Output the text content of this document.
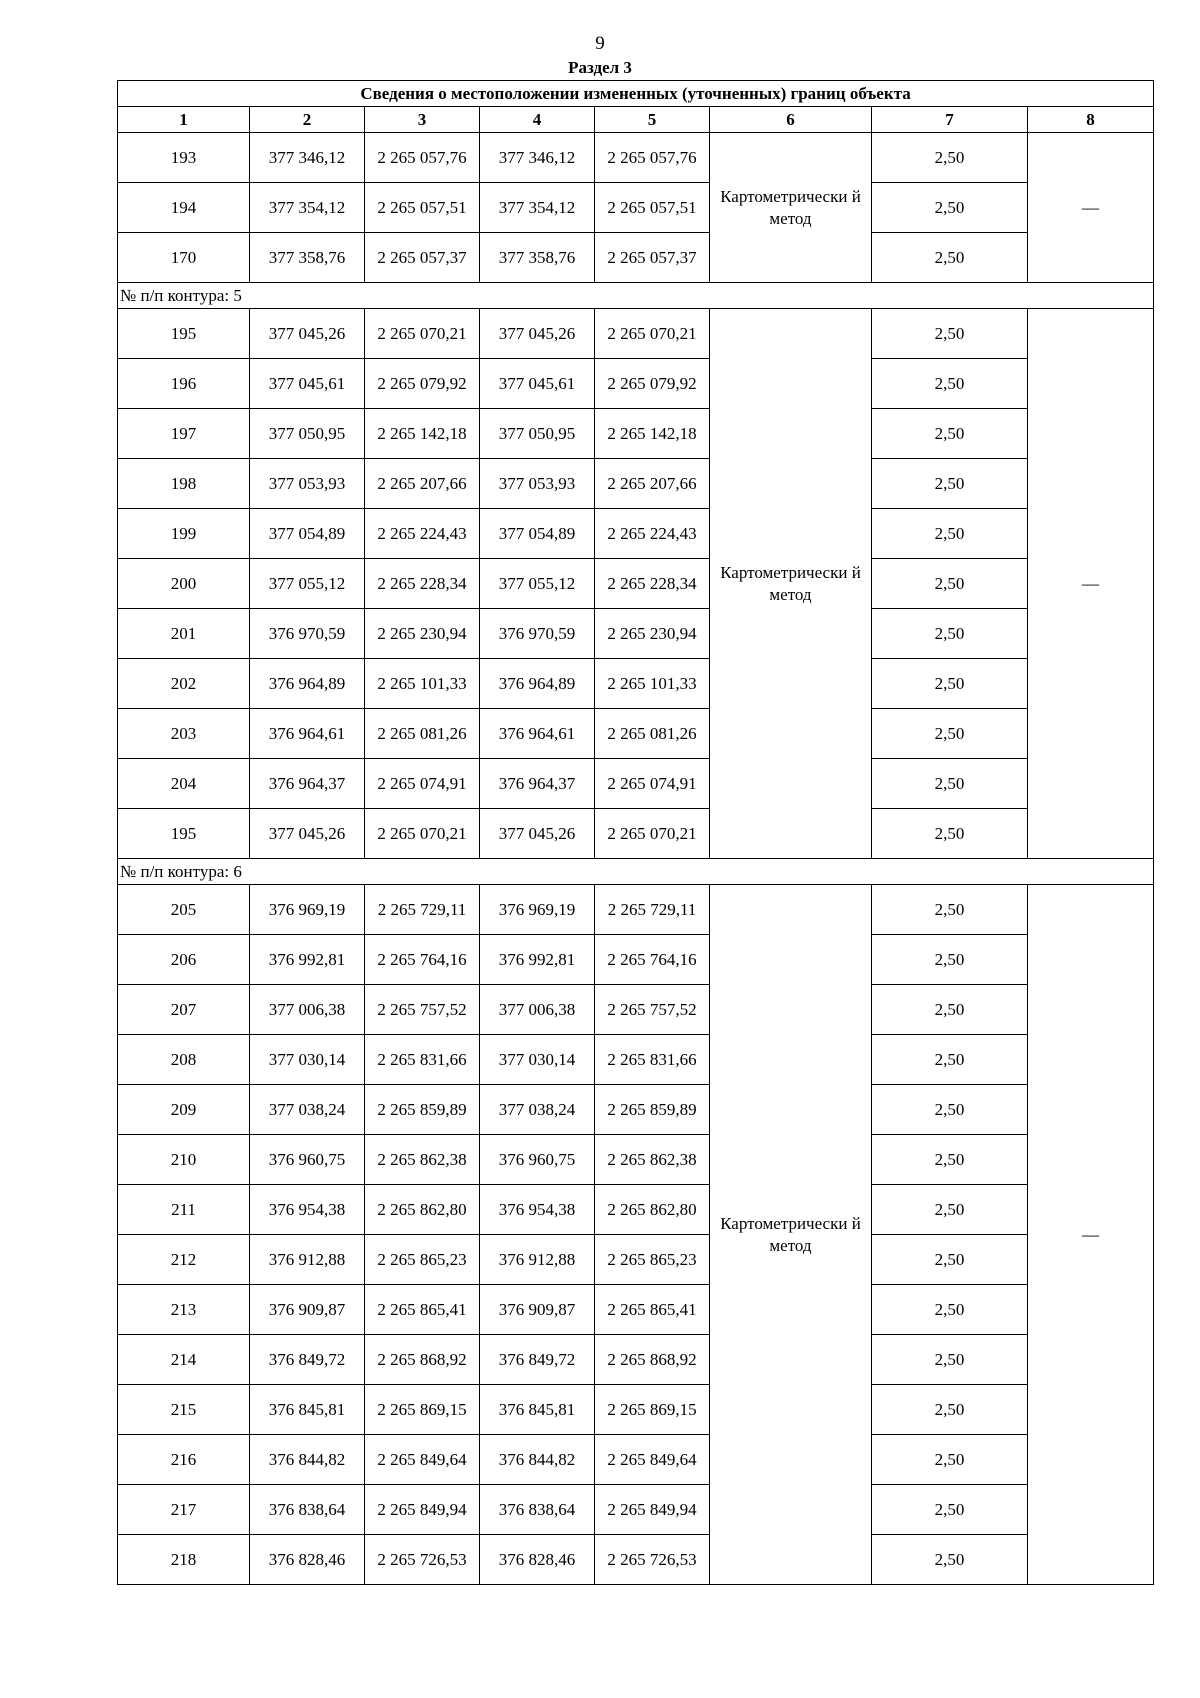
9
Раздел 3
Сведения о местоположении измененных (уточненных) границ объекта							
1	2	3	4	5	6	7	8
193	377 346,12	2 265 057,76	377 346,12	2 265 057,76	Картометрически й метод	2,50	—
194	377 354,12	2 265 057,51	377 354,12	2 265 057,51		2,50	
170	377 358,76	2 265 057,37	377 358,76	2 265 057,37		2,50	
№ п/п контура: 5							
195	377 045,26	2 265 070,21	377 045,26	2 265 070,21	Картометрически й метод	2,50	—
196	377 045,61	2 265 079,92	377 045,61	2 265 079,92		2,50	
197	377 050,95	2 265 142,18	377 050,95	2 265 142,18		2,50	
198	377 053,93	2 265 207,66	377 053,93	2 265 207,66		2,50	
199	377 054,89	2 265 224,43	377 054,89	2 265 224,43		2,50	
200	377 055,12	2 265 228,34	377 055,12	2 265 228,34		2,50	
201	376 970,59	2 265 230,94	376 970,59	2 265 230,94		2,50	
202	376 964,89	2 265 101,33	376 964,89	2 265 101,33		2,50	
203	376 964,61	2 265 081,26	376 964,61	2 265 081,26		2,50	
204	376 964,37	2 265 074,91	376 964,37	2 265 074,91		2,50	
195	377 045,26	2 265 070,21	377 045,26	2 265 070,21		2,50	
№ п/п контура: 6							
205	376 969,19	2 265 729,11	376 969,19	2 265 729,11	Картометрически й метод	2,50	—
206	376 992,81	2 265 764,16	376 992,81	2 265 764,16		2,50	
207	377 006,38	2 265 757,52	377 006,38	2 265 757,52		2,50	
208	377 030,14	2 265 831,66	377 030,14	2 265 831,66		2,50	
209	377 038,24	2 265 859,89	377 038,24	2 265 859,89		2,50	
210	376 960,75	2 265 862,38	376 960,75	2 265 862,38		2,50	
211	376 954,38	2 265 862,80	376 954,38	2 265 862,80		2,50	
212	376 912,88	2 265 865,23	376 912,88	2 265 865,23		2,50	
213	376 909,87	2 265 865,41	376 909,87	2 265 865,41		2,50	
214	376 849,72	2 265 868,92	376 849,72	2 265 868,92		2,50	
215	376 845,81	2 265 869,15	376 845,81	2 265 869,15		2,50	
216	376 844,82	2 265 849,64	376 844,82	2 265 849,64		2,50	
217	376 838,64	2 265 849,94	376 838,64	2 265 849,94		2,50	
218	376 828,46	2 265 726,53	376 828,46	2 265 726,53		2,50	
